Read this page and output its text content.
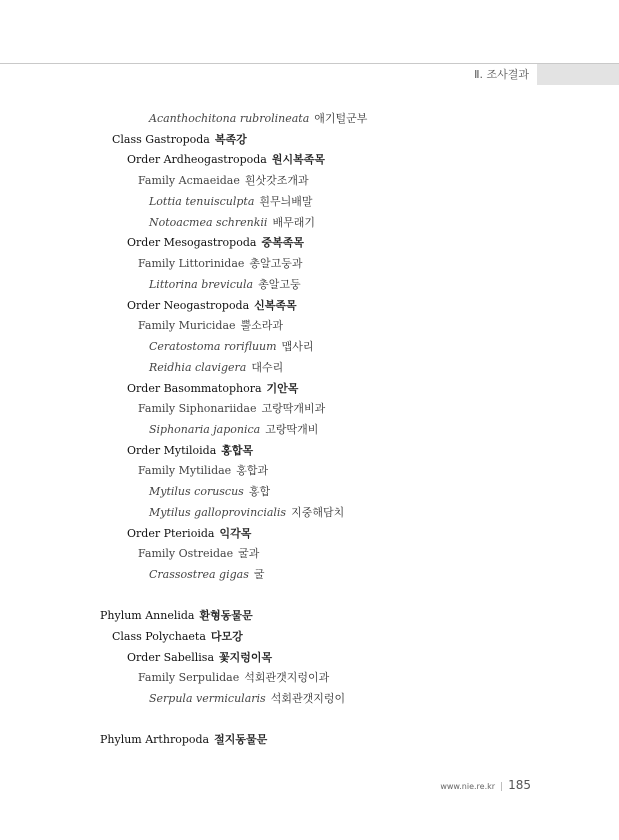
Ⅱ. 조사결과
Acanthochitona rubrolineata 애기털군부
Class Gastropoda 복족강
Order Ardheogastropoda 원시복족목
Family Acmaeidae 흰삿갓조개과
Lottia tenuisculpta 흰무늬배말
Notoacmea schrenkii 배무래기
Order Mesogastropoda 중복족목
Family Littorinidae 총알고둥과
Littorina brevicula 총알고둥
Order Neogastropoda 신복족목
Family Muricidae 뿔소라과
Ceratostoma rorifluum 맵사리
Reidhia clavigera 대수리
Order Basommatophora 기안목
Family Siphonariidae 고랑딱개비과
Siphonaria japonica 고랑딱개비
Order Mytiloida 홍합목
Family Mytilidae 홍합과
Mytilus coruscus 홍합
Mytilus galloprovincialis 지중해담치
Order Pterioida 익각목
Family Ostreidae 굴과
Crassostrea gigas 굴
Phylum Annelida 환형동물문
Class Polychaeta 다모강
Order Sabellisa 꽃지렁이목
Family Serpulidae 석회관갯지렁이과
Serpula vermicularis 석회관갯지렁이
Phylum Arthropoda 절지동물문
www.nie.re.kr | 185
